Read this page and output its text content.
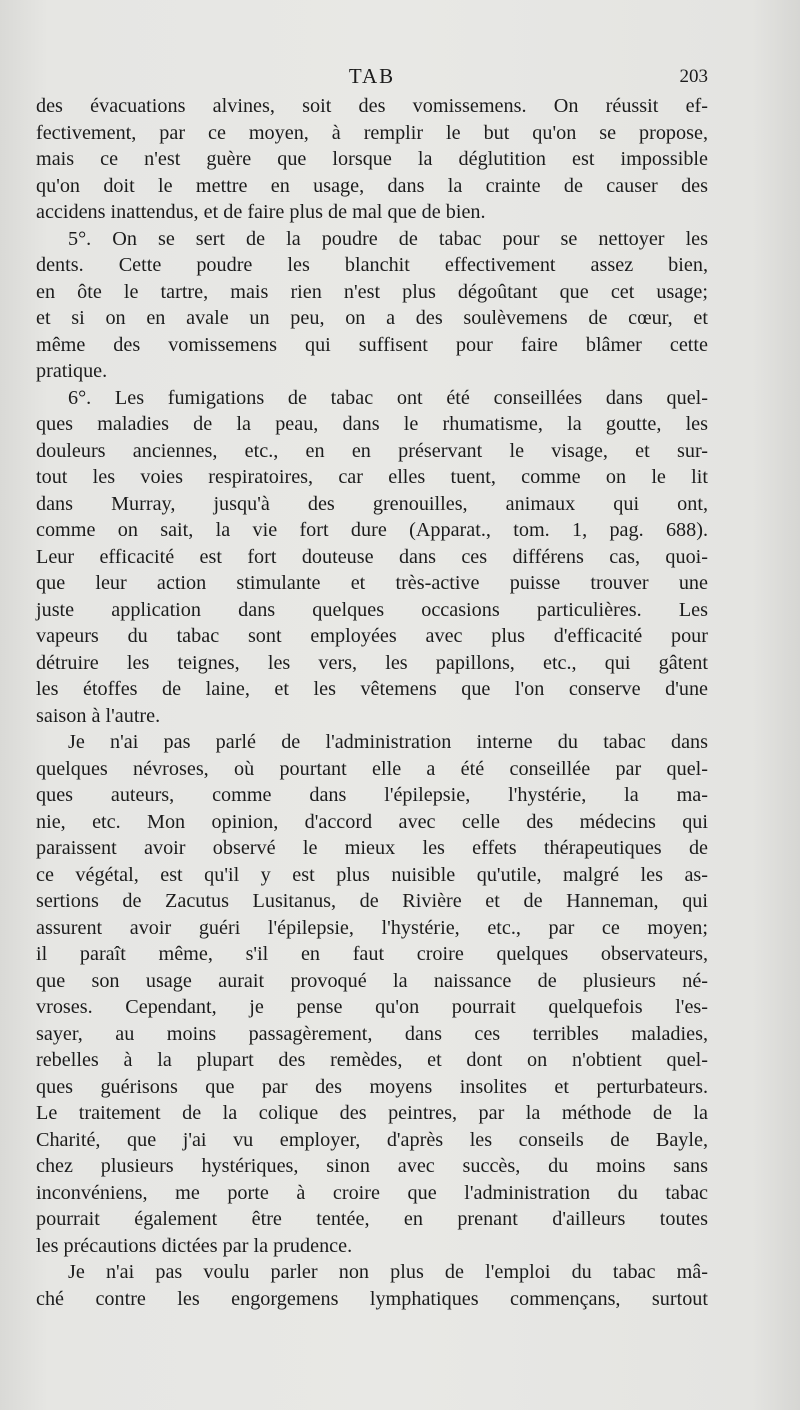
TAB	203
des évacuations alvines, soit des vomissemens. On réussit ef-
fectivement, par ce moyen, à remplir le but qu'on se propose,
mais ce n'est guère que lorsque la déglutition est impossible
qu'on doit le mettre en usage, dans la crainte de causer des
accidens inattendus, et de faire plus de mal que de bien.
5°. On se sert de la poudre de tabac pour se nettoyer les
dents. Cette poudre les blanchit effectivement assez bien,
en ôte le tartre, mais rien n'est plus dégoûtant que cet usage;
et si on en avale un peu, on a des soulèvemens de cœur, et
même des vomissemens qui suffisent pour faire blâmer cette
pratique.
6°. Les fumigations de tabac ont été conseillées dans quel-
ques maladies de la peau, dans le rhumatisme, la goutte, les
douleurs anciennes, etc., en en préservant le visage, et sur-
tout les voies respiratoires, car elles tuent, comme on le lit
dans Murray, jusqu'à des grenouilles, animaux qui ont,
comme on sait, la vie fort dure (Apparat., tom. 1, pag. 688).
Leur efficacité est fort douteuse dans ces différens cas, quoi-
que leur action stimulante et très-active puisse trouver une
juste application dans quelques occasions particulières. Les
vapeurs du tabac sont employées avec plus d'efficacité pour
détruire les teignes, les vers, les papillons, etc., qui gâtent
les étoffes de laine, et les vêtemens que l'on conserve d'une
saison à l'autre.
Je n'ai pas parlé de l'administration interne du tabac dans
quelques névroses, où pourtant elle a été conseillée par quel-
ques auteurs, comme dans l'épilepsie, l'hystérie, la ma-
nie, etc. Mon opinion, d'accord avec celle des médecins qui
paraissent avoir observé le mieux les effets thérapeutiques de
ce végétal, est qu'il y est plus nuisible qu'utile, malgré les as-
sertions de Zacutus Lusitanus, de Rivière et de Hanneman, qui
assurent avoir guéri l'épilepsie, l'hystérie, etc., par ce moyen;
il paraît même, s'il en faut croire quelques observateurs,
que son usage aurait provoqué la naissance de plusieurs né-
vroses. Cependant, je pense qu'on pourrait quelquefois l'es-
sayer, au moins passagèrement, dans ces terribles maladies,
rebelles à la plupart des remèdes, et dont on n'obtient quel-
ques guérisons que par des moyens insolites et perturbateurs.
Le traitement de la colique des peintres, par la méthode de la
Charité, que j'ai vu employer, d'après les conseils de Bayle,
chez plusieurs hystériques, sinon avec succès, du moins sans
inconvéniens, me porte à croire que l'administration du tabac
pourrait également être tentée, en prenant d'ailleurs toutes
les précautions dictées par la prudence.
Je n'ai pas voulu parler non plus de l'emploi du tabac mâ-
ché contre les engorgemens lymphatiques commençans, surtout
